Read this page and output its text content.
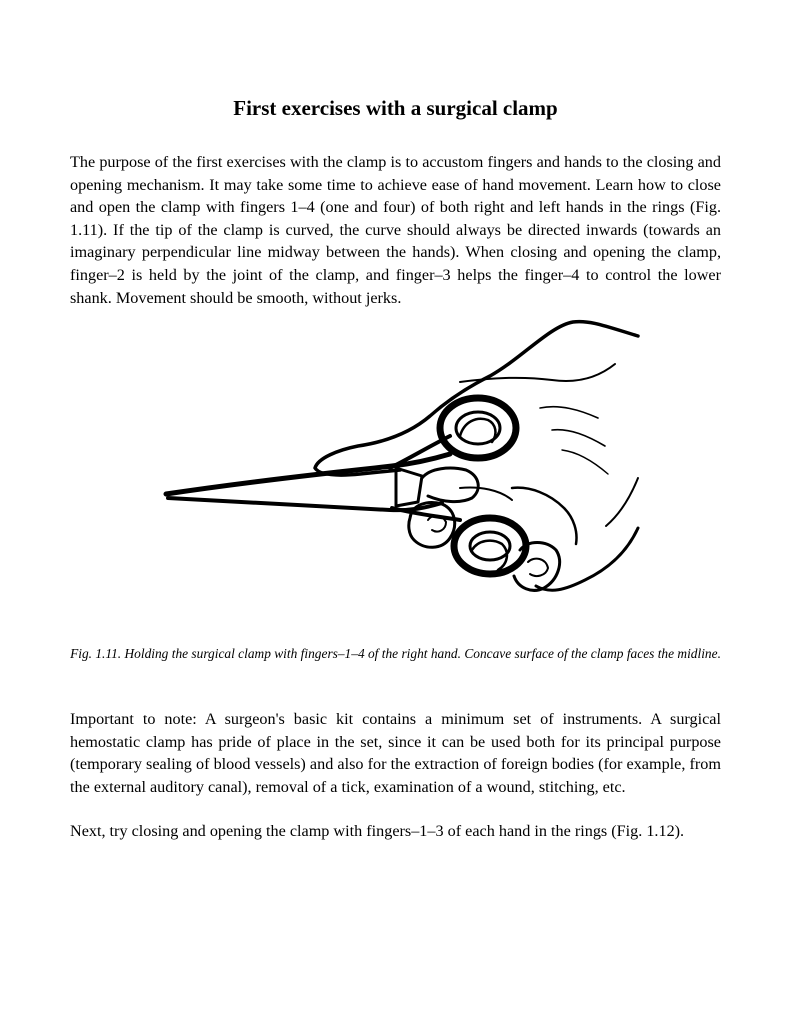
First exercises with a surgical clamp

The purpose of the first exercises with the clamp is to accustom fingers and hands to the closing and opening mechanism. It may take some time to achieve ease of hand movement. Learn how to close and open the clamp with fingers 1–4 (one and four) of both right and left hands in the rings (Fig. 1.11). If the tip of the clamp is curved, the curve should always be directed inwards (towards an imaginary perpendicular line midway between the hands). When closing and opening the clamp, finger–2 is held by the joint of the clamp, and finger–3 helps the finger–4 to control the lower shank. Movement should be smooth, without jerks.

Fig. 1.11. Holding the surgical clamp with fingers–1–4 of the right hand. Concave surface of the clamp faces the midline.

Important to note: A surgeon's basic kit contains a minimum set of instruments. A surgical hemostatic clamp has pride of place in the set, since it can be used both for its principal purpose (temporary sealing of blood vessels) and also for the extraction of foreign bodies (for example, from the external auditory canal), removal of a tick, examination of a wound, stitching, etc.

Next, try closing and opening the clamp with fingers–1–3 of each hand in the rings (Fig. 1.12).
